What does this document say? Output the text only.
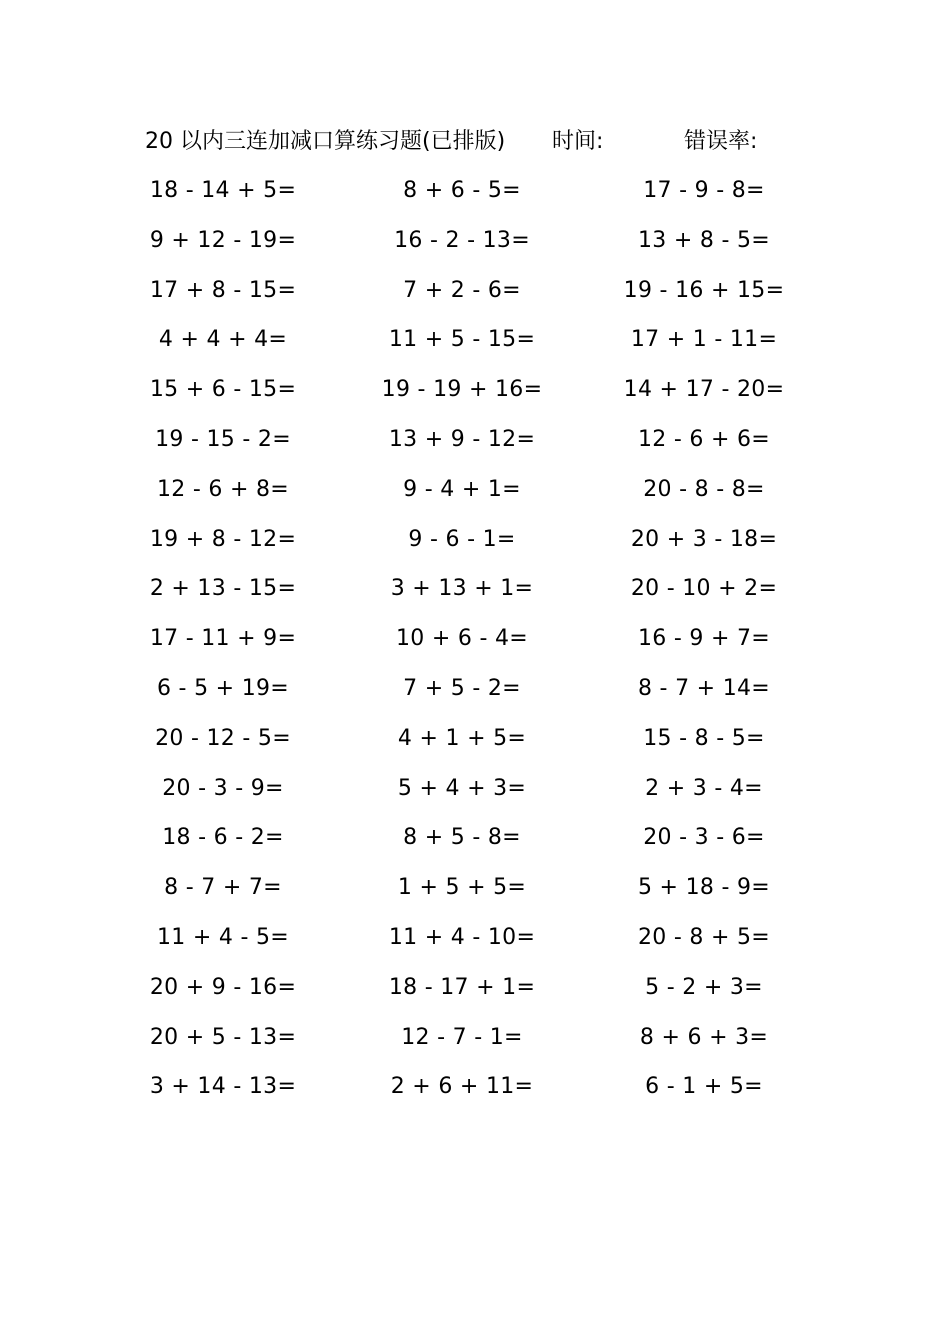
20 以内三连加减口算练习题(已排版) 时间:	错误率:
18 - 14 + 5=	8 + 6 - 5=	17 - 9 - 8=
9 + 12 - 19=	16 - 2 - 13=	13 + 8 - 5=
17 + 8 - 15=	7 + 2 - 6=	19 - 16 + 15=
4 + 4 + 4=	11 + 5 - 15=	17 + 1 - 11=
15 + 6 - 15=	19 - 19 + 16=	14 + 17 - 20=
19 - 15 - 2=	13 + 9 - 12=	12 - 6 + 6=
12 - 6 + 8=	9 - 4 + 1=	20 - 8 - 8=
19 + 8 - 12=	9 - 6 - 1=	20 + 3 - 18=
2 + 13 - 15=	3 + 13 + 1=	20 - 10 + 2=
17 - 11 + 9=	10 + 6 - 4=	16 - 9 + 7=
6 - 5 + 19=	7 + 5 - 2=	8 - 7 + 14=
20 - 12 - 5=	4 + 1 + 5=	15 - 8 - 5=
20 - 3 - 9=	5 + 4 + 3=	2 + 3 - 4=
18 - 6 - 2=	8 + 5 - 8=	20 - 3 - 6=
8 - 7 + 7=	1 + 5 + 5=	5 + 18 - 9=
11 + 4 - 5=	11 + 4 - 10=	20 - 8 + 5=
20 + 9 - 16=	18 - 17 + 1=	5 - 2 + 3=
20 + 5 - 13=	12 - 7 - 1=	8 + 6 + 3=
3 + 14 - 13=	2 + 6 + 11=	6 - 1 + 5=
